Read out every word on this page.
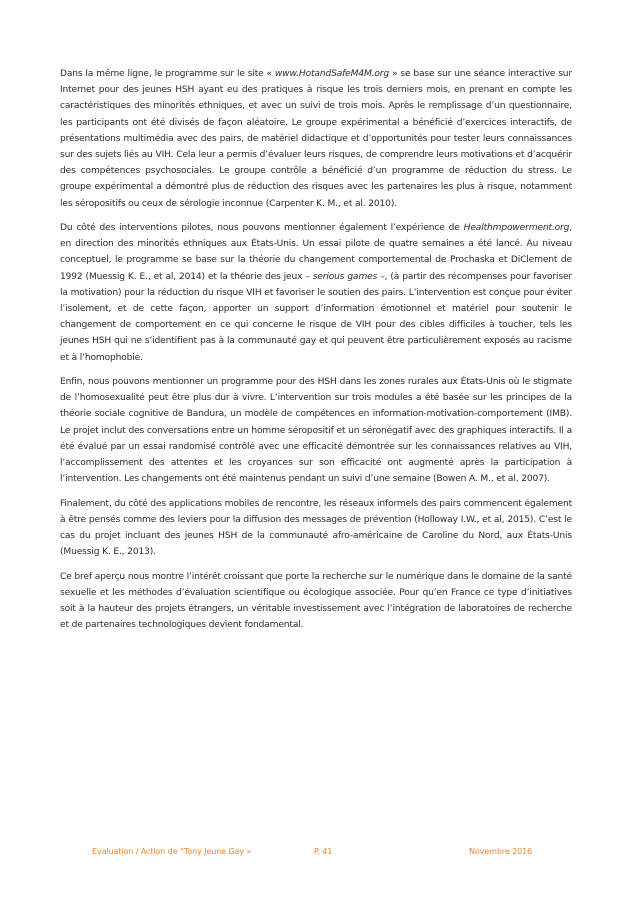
Dans la même ligne, le programme sur le site « www.HotandSafeM4M.org » se base sur une séance interactive sur Internet pour des jeunes HSH ayant eu des pratiques à risque les trois derniers mois, en prenant en compte les caractéristiques des minorités ethniques, et avec un suivi de trois mois. Après le remplissage d’un questionnaire, les participants ont été divisés de façon aléatoire. Le groupe expérimental a bénéficié d’exercices interactifs, de présentations multimédia avec des pairs, de matériel didactique et d’opportunités pour tester leurs connaissances sur des sujets liés au VIH. Cela leur a permis d’évaluer leurs risques, de comprendre leurs motivations et d’acquérir des compétences psychosociales. Le groupe contrôle a bénéficié d’un programme de réduction du stress. Le groupe expérimental a démontré plus de réduction des risques avec les partenaires les plus à risque, notamment les séropositifs ou ceux de sérologie inconnue (Carpenter K. M., et al. 2010).

Du côté des interventions pilotes, nous pouvons mentionner également l’expérience de Healthmpowerment.org, en direction des minorités ethniques aux États-Unis. Un essai pilote de quatre semaines a été lancé. Au niveau conceptuel, le programme se base sur la théorie du changement comportemental de Prochaska et DiClement de 1992 (Muessig K. E., et al, 2014) et la théorie des jeux – serious games –, (à partir des récompenses pour favoriser la motivation) pour la réduction du risque VIH et favoriser le soutien des pairs. L’intervention est conçue pour éviter l’isolement, et de cette façon, apporter un support d’information émotionnel et matériel pour soutenir le changement de comportement en ce qui concerne le risque de VIH pour des cibles difficiles à toucher, tels les jeunes HSH qui ne s’identifient pas à la communauté gay et qui peuvent être particulièrement exposés au racisme et à l’homophobie.

Enfin, nous pouvons mentionner un programme pour des HSH dans les zones rurales aux États-Unis où le stigmate de l’homosexualité peut être plus dur à vivre. L’intervention sur trois modules a été basée sur les principes de la théorie sociale cognitive de Bandura, un modèle de compétences en information-motivation-comportement (IMB). Le projet inclut des conversations entre un homme séropositif et un séronégatif avec des graphiques interactifs. Il a été évalué par un essai randomisé contrôlé avec une efficacité démontrée sur les connaissances relatives au VIH, l’accomplissement des attentes et les croyances sur son efficacité ont augmenté après la participation à l’intervention. Les changements ont été maintenus pendant un suivi d’une semaine (Bowen A. M., et al, 2007).

Finalement, du côté des applications mobiles de rencontre, les réseaux informels des pairs commencent également à être pensés comme des leviers pour la diffusion des messages de prévention (Holloway I.W., et al, 2015). C’est le cas du projet incluant des jeunes HSH de la communauté afro-américaine de Caroline du Nord, aux États-Unis (Muessig K. E., 2013).

Ce bref aperçu nous montre l’intérêt croissant que porte la recherche sur le numérique dans le domaine de la santé sexuelle et les méthodes d’évaluation scientifique ou écologique associée. Pour qu’en France ce type d’initiatives soit à la hauteur des projets étrangers, un véritable investissement avec l’intégration de laboratoires de recherche et de partenaires technologiques devient fondamental.

Evaluation / Action de “Tony Jeune Gay »	P. 41	Novembre 2016
